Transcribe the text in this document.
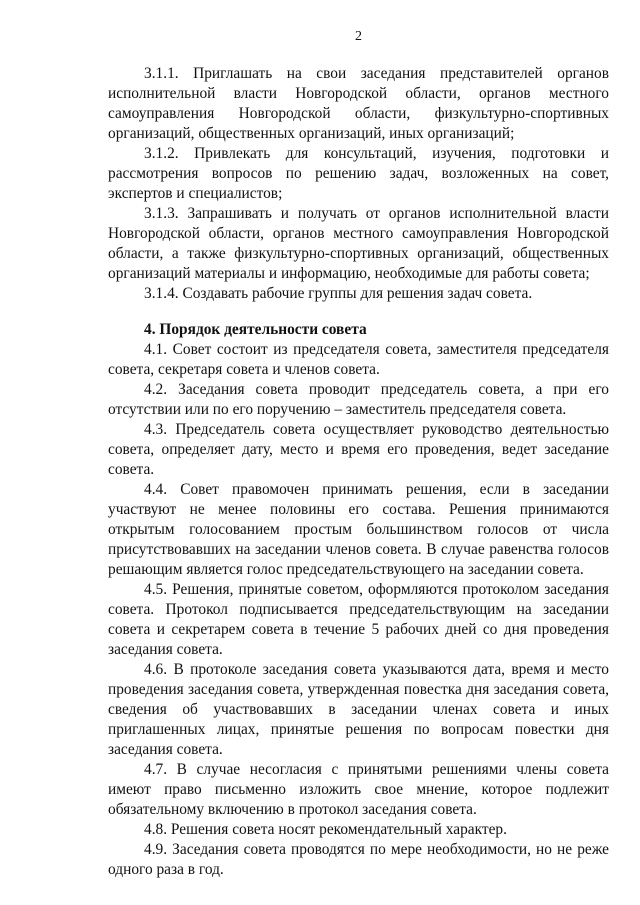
2

3.1.1. Приглашать на свои заседания представителей органов исполнительной власти Новгородской области, органов местного самоуправления Новгородской области, физкультурно-спортивных организаций, общественных организаций, иных организаций;

3.1.2. Привлекать для консультаций, изучения, подготовки и рассмотрения вопросов по решению задач, возложенных на совет, экспертов и специалистов;

3.1.3. Запрашивать и получать от органов исполнительной власти Новгородской области, органов местного самоуправления Новгородской области, а также физкультурно-спортивных организаций, общественных организаций материалы и информацию, необходимые для работы совета;

3.1.4. Создавать рабочие группы для решения задач совета.

4. Порядок деятельности совета

4.1. Совет состоит из председателя совета, заместителя председателя совета, секретаря совета и членов совета.

4.2. Заседания совета проводит председатель совета, а при его отсутствии или по его поручению – заместитель председателя совета.

4.3. Председатель совета осуществляет руководство деятельностью совета, определяет дату, место и время его проведения, ведет заседание совета.

4.4. Совет правомочен принимать решения, если в заседании участвуют не менее половины его состава. Решения принимаются открытым голосованием простым большинством голосов от числа присутствовавших на заседании членов совета. В случае равенства голосов решающим является голос председательствующего на заседании совета.

4.5. Решения, принятые советом, оформляются протоколом заседания совета. Протокол подписывается председательствующим на заседании совета и секретарем совета в течение 5 рабочих дней со дня проведения заседания совета.

4.6. В протоколе заседания совета указываются дата, время и место проведения заседания совета, утвержденная повестка дня заседания совета, сведения об участвовавших в заседании членах совета и иных приглашенных лицах, принятые решения по вопросам повестки дня заседания совета.

4.7. В случае несогласия с принятыми решениями члены совета имеют право письменно изложить свое мнение, которое подлежит обязательному включению в протокол заседания совета.

4.8. Решения совета носят рекомендательный характер.

4.9. Заседания совета проводятся по мере необходимости, но не реже одного раза в год.
